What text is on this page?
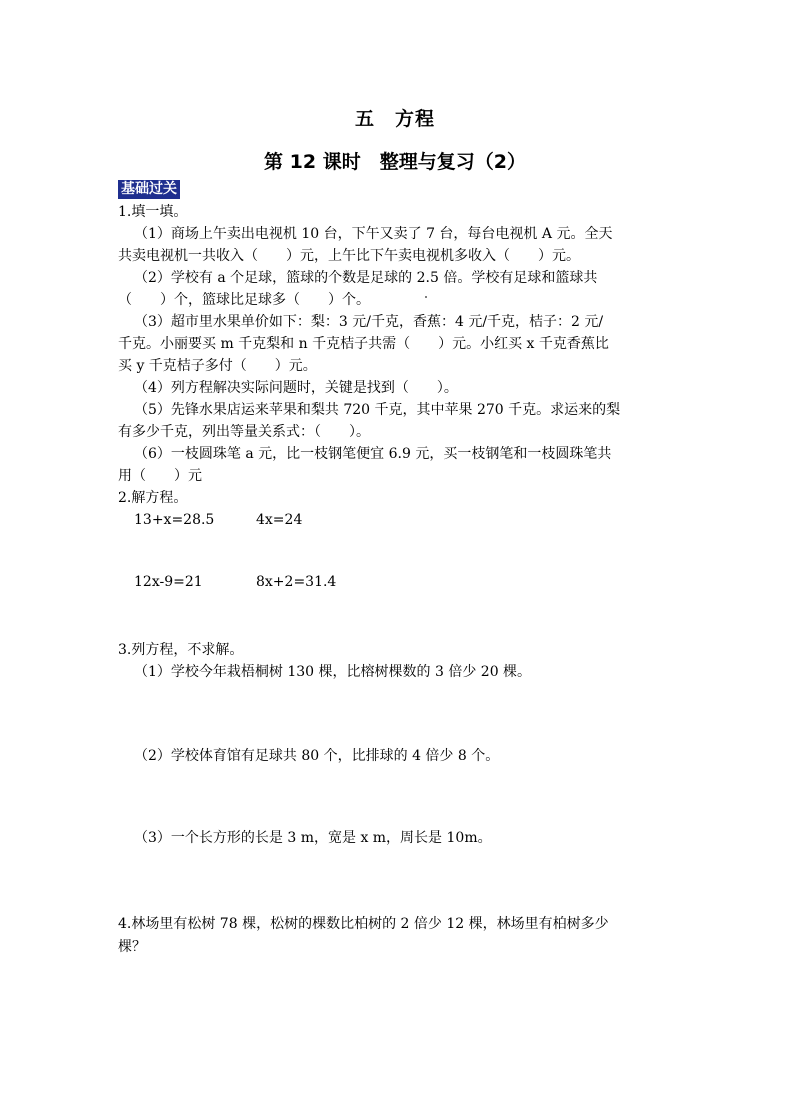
五　方程
第 12 课时　整理与复习（2）
基础过关
1.填一填。
（1）商场上午卖出电视机 10 台，下午又卖了 7 台，每台电视机 A 元。全天
共卖电视机一共收入（　　）元，上午比下午卖电视机多收入（　　）元。
（2）学校有 a 个足球，篮球的个数是足球的 2.5 倍。学校有足球和篮球共
（　　）个，篮球比足球多（　　）个。
（3）超市里水果单价如下：梨：3 元/千克，香蕉：4 元/千克，桔子：2 元/
千克。小丽要买 m 千克梨和 n 千克桔子共需（　　）元。小红买 x 千克香蕉比
买 y 千克桔子多付（　　）元。
（4）列方程解决实际问题时，关键是找到（　　）。
（5）先锋水果店运来苹果和梨共 720 千克，其中苹果 270 千克。求运来的梨
有多少千克，列出等量关系式：（　　）。
（6）一枝圆珠笔 a 元，比一枝钢笔便宜 6.9 元，买一枝钢笔和一枝圆珠笔共
用（　　）元
2.解方程。
13+x=28.5	4x=24
12x-9=21	8x+2=31.4
3.列方程，不求解。
（1）学校今年栽梧桐树 130 棵，比榕树棵数的 3 倍少 20 棵。
（2）学校体育馆有足球共 80 个，比排球的 4 倍少 8 个。
（3）一个长方形的长是 3 m，宽是 x m，周长是 10m。
4.林场里有松树 78 棵，松树的棵数比柏树的 2 倍少 12 棵，林场里有柏树多少
棵？
